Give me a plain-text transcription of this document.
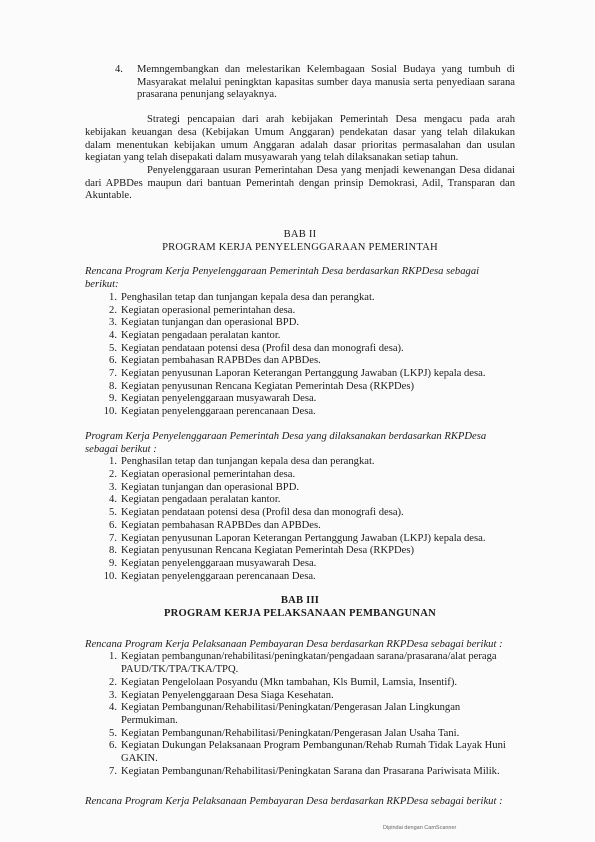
4.	Memngembangkan dan melestarikan Kelembagaan Sosial Budaya yang tumbuh di Masyarakat melalui peningktan kapasitas sumber daya manusia serta penyediaan sarana prasarana penunjang selayaknya.

Strategi pencapaian dari arah kebijakan Pemerintah Desa mengacu pada arah kebijakan keuangan desa (Kebijakan Umum Anggaran) pendekatan dasar yang telah dilakukan dalam menentukan kebijakan umum Anggaran adalah dasar prioritas permasalahan dan usulan kegiatan yang telah disepakati dalam musyawarah yang telah dilaksanakan setiap tahun.

Penyelenggaraan usuran Pemerintahan Desa yang menjadi kewenangan Desa didanai dari APBDes maupun dari bantuan Pemerintah dengan prinsip Demokrasi, Adil, Transparan dan Akuntable.

BAB II
PROGRAM KERJA PENYELENGGARAAN PEMERINTAH

Rencana Program Kerja Penyelenggaraan Pemerintah Desa berdasarkan RKPDesa sebagai berikut:

1. Penghasilan tetap dan tunjangan kepala desa dan perangkat.
2. Kegiatan operasional pemerintahan desa.
3. Kegiatan tunjangan dan operasional BPD.
4. Kegiatan pengadaan peralatan kantor.
5. Kegiatan pendataan potensi desa (Profil desa dan monografi desa).
6. Kegiatan pembahasan RAPBDes dan APBDes.
7. Kegiatan penyusunan Laporan Keterangan Pertanggung Jawaban (LKPJ) kepala desa.
8. Kegiatan penyusunan Rencana Kegiatan Pemerintah Desa (RKPDes)
9. Kegiatan penyelenggaraan musyawarah Desa.
10. Kegiatan penyelenggaraan perencanaan Desa.

Program Kerja Penyelenggaraan Pemerintah Desa yang dilaksanakan berdasarkan RKPDesa sebagai berikut :

1. Penghasilan tetap dan tunjangan kepala desa dan perangkat.
2. Kegiatan operasional pemerintahan desa.
3. Kegiatan tunjangan dan operasional BPD.
4. Kegiatan pengadaan peralatan kantor.
5. Kegiatan pendataan potensi desa (Profil desa dan monografi desa).
6. Kegiatan pembahasan RAPBDes dan APBDes.
7. Kegiatan penyusunan Laporan Keterangan Pertanggung Jawaban (LKPJ) kepala desa.
8. Kegiatan penyusunan Rencana Kegiatan Pemerintah Desa (RKPDes)
9. Kegiatan penyelenggaraan musyawarah Desa.
10. Kegiatan penyelenggaraan perencanaan Desa.
BAB III
PROGRAM KERJA PELAKSANAAN PEMBANGUNAN

Rencana Program Kerja Pelaksanaan Pembayaran Desa berdasarkan RKPDesa sebagai berikut :

1. Kegiatan pembangunan/rehabilitasi/peningkatan/pengadaan sarana/prasarana/alat peraga PAUD/TK/TPA/TKA/TPQ.
2. Kegiatan Pengelolaan Posyandu (Mkn tambahan, Kls Bumil, Lamsia, Insentif).
3. Kegiatan Penyelenggaraan Desa Siaga Kesehatan.
4. Kegiatan Pembangunan/Rehabilitasi/Peningkatan/Pengerasan Jalan Lingkungan Permukiman.
5. Kegiatan Pembangunan/Rehabilitasi/Peningkatan/Pengerasan Jalan Usaha Tani.
6. Kegiatan Dukungan Pelaksanaan Program Pembangunan/Rehab Rumah Tidak Layak Huni GAKIN.
7. Kegiatan Pembangunan/Rehabilitasi/Peningkatan Sarana dan Prasarana Pariwisata Milik.

Rencana Program Kerja Pelaksanaan Pembayaran Desa berdasarkan RKPDesa sebagai berikut :

Dipindai dengan CamScanner
